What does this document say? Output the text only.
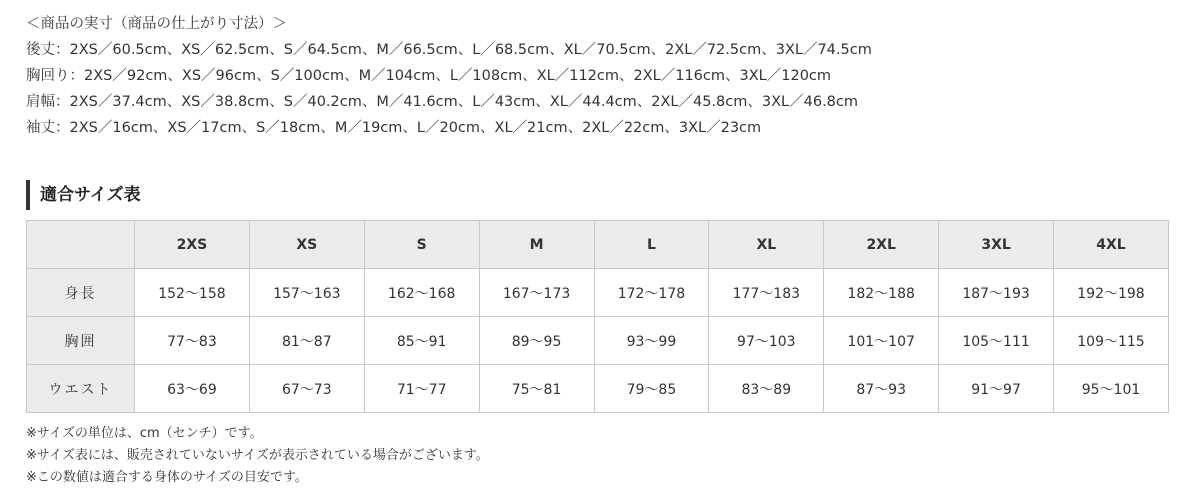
＜商品の実寸（商品の仕上がり寸法）＞
後丈：2XS／60.5cm、XS／62.5cm、S／64.5cm、M／66.5cm、L／68.5cm、XL／70.5cm、2XL／72.5cm、3XL／74.5cm
胸回り：2XS／92cm、XS／96cm、S／100cm、M／104cm、L／108cm、XL／112cm、2XL／116cm、3XL／120cm
肩幅：2XS／37.4cm、XS／38.8cm、S／40.2cm、M／41.6cm、L／43cm、XL／44.4cm、2XL／45.8cm、3XL／46.8cm
袖丈：2XS／16cm、XS／17cm、S／18cm、M／19cm、L／20cm、XL／21cm、2XL／22cm、3XL／23cm
適合サイズ表
	2XS	XS	S	M	L	XL	2XL	3XL	4XL
身長	152〜158	157〜163	162〜168	167〜173	172〜178	177〜183	182〜188	187〜193	192〜198
胸囲	77〜83	81〜87	85〜91	89〜95	93〜99	97〜103	101〜107	105〜111	109〜115
ウエスト	63〜69	67〜73	71〜77	75〜81	79〜85	83〜89	87〜93	91〜97	95〜101
※サイズの単位は、cm（センチ）です。
※サイズ表には、販売されていないサイズが表示されている場合がございます。
※この数値は適合する身体のサイズの目安です。
